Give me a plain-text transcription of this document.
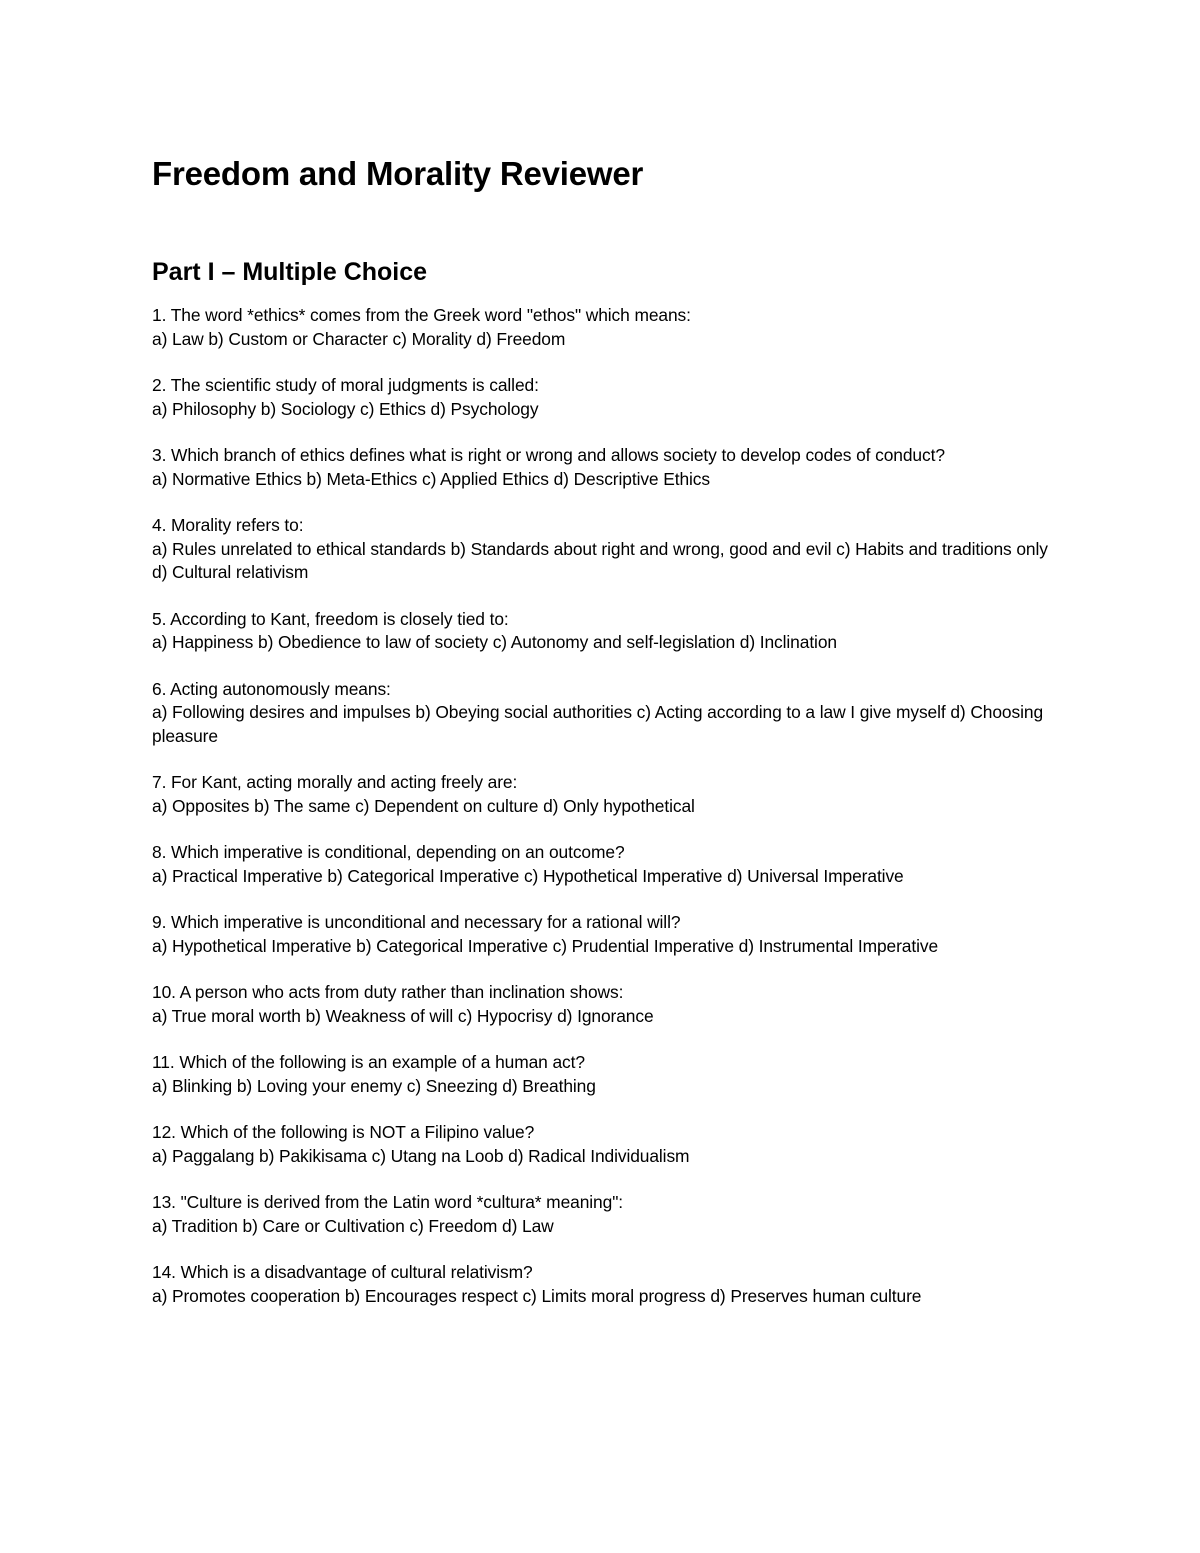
Freedom and Morality Reviewer
Part I – Multiple Choice
1. The word *ethics* comes from the Greek word "ethos" which means:
a) Law b) Custom or Character c) Morality d) Freedom
2. The scientific study of moral judgments is called:
a) Philosophy b) Sociology c) Ethics d) Psychology
3. Which branch of ethics defines what is right or wrong and allows society to develop codes of conduct?
a) Normative Ethics b) Meta-Ethics c) Applied Ethics d) Descriptive Ethics
4. Morality refers to:
a) Rules unrelated to ethical standards b) Standards about right and wrong, good and evil c) Habits and traditions only d) Cultural relativism
5. According to Kant, freedom is closely tied to:
a) Happiness b) Obedience to law of society c) Autonomy and self-legislation d) Inclination
6. Acting autonomously means:
a) Following desires and impulses b) Obeying social authorities c) Acting according to a law I give myself d) Choosing pleasure
7. For Kant, acting morally and acting freely are:
a) Opposites b) The same c) Dependent on culture d) Only hypothetical
8. Which imperative is conditional, depending on an outcome?
a) Practical Imperative b) Categorical Imperative c) Hypothetical Imperative d) Universal Imperative
9. Which imperative is unconditional and necessary for a rational will?
a) Hypothetical Imperative b) Categorical Imperative c) Prudential Imperative d) Instrumental Imperative
10. A person who acts from duty rather than inclination shows:
a) True moral worth b) Weakness of will c) Hypocrisy d) Ignorance
11. Which of the following is an example of a human act?
a) Blinking b) Loving your enemy c) Sneezing d) Breathing
12. Which of the following is NOT a Filipino value?
a) Paggalang b) Pakikisama c) Utang na Loob d) Radical Individualism
13. "Culture is derived from the Latin word *cultura* meaning":
a) Tradition b) Care or Cultivation c) Freedom d) Law
14. Which is a disadvantage of cultural relativism?
a) Promotes cooperation b) Encourages respect c) Limits moral progress d) Preserves human culture
